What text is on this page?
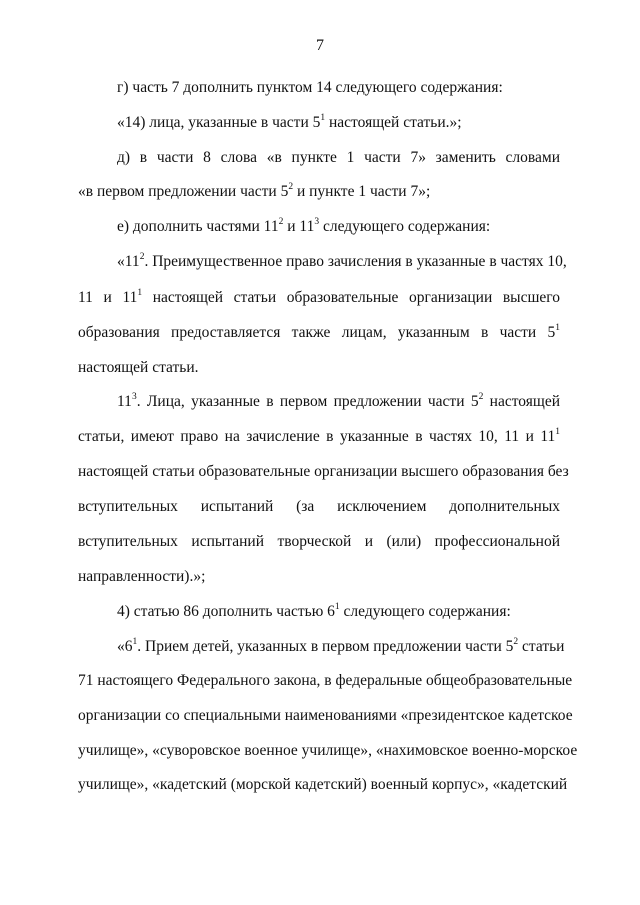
7
г) часть 7 дополнить пунктом 14 следующего содержания:
«14) лица, указанные в части $5^1$ настоящей статьи.»;
д) в части 8 слова «в пункте 1 части 7» заменить словами
«в первом предложении части $5^2$ и пункте 1 части 7»;
е) дополнить частями $11^2$ и $11^3$ следующего содержания:
«$11^2$. Преимущественное право зачисления в указанные в частях 10,
11 и $11^1$ настоящей статьи образовательные организации высшего
образования предоставляется также лицам, указанным в части $5^1$
настоящей статьи.
$11^3$. Лица, указанные в первом предложении части $5^2$ настоящей
статьи, имеют право на зачисление в указанные в частях 10, 11 и $11^1$
настоящей статьи образовательные организации высшего образования без
вступительных испытаний (за исключением дополнительных
вступительных испытаний творческой и (или) профессиональной
направленности).»;
4) статью 86 дополнить частью $6^1$ следующего содержания:
«$6^1$. Прием детей, указанных в первом предложении части $5^2$ статьи
71 настоящего Федерального закона, в федеральные общеобразовательные
организации со специальными наименованиями «президентское кадетское
училище», «суворовское военное училище», «нахимовское военно-морское
училище», «кадетский (морской кадетский) военный корпус», «кадетский
